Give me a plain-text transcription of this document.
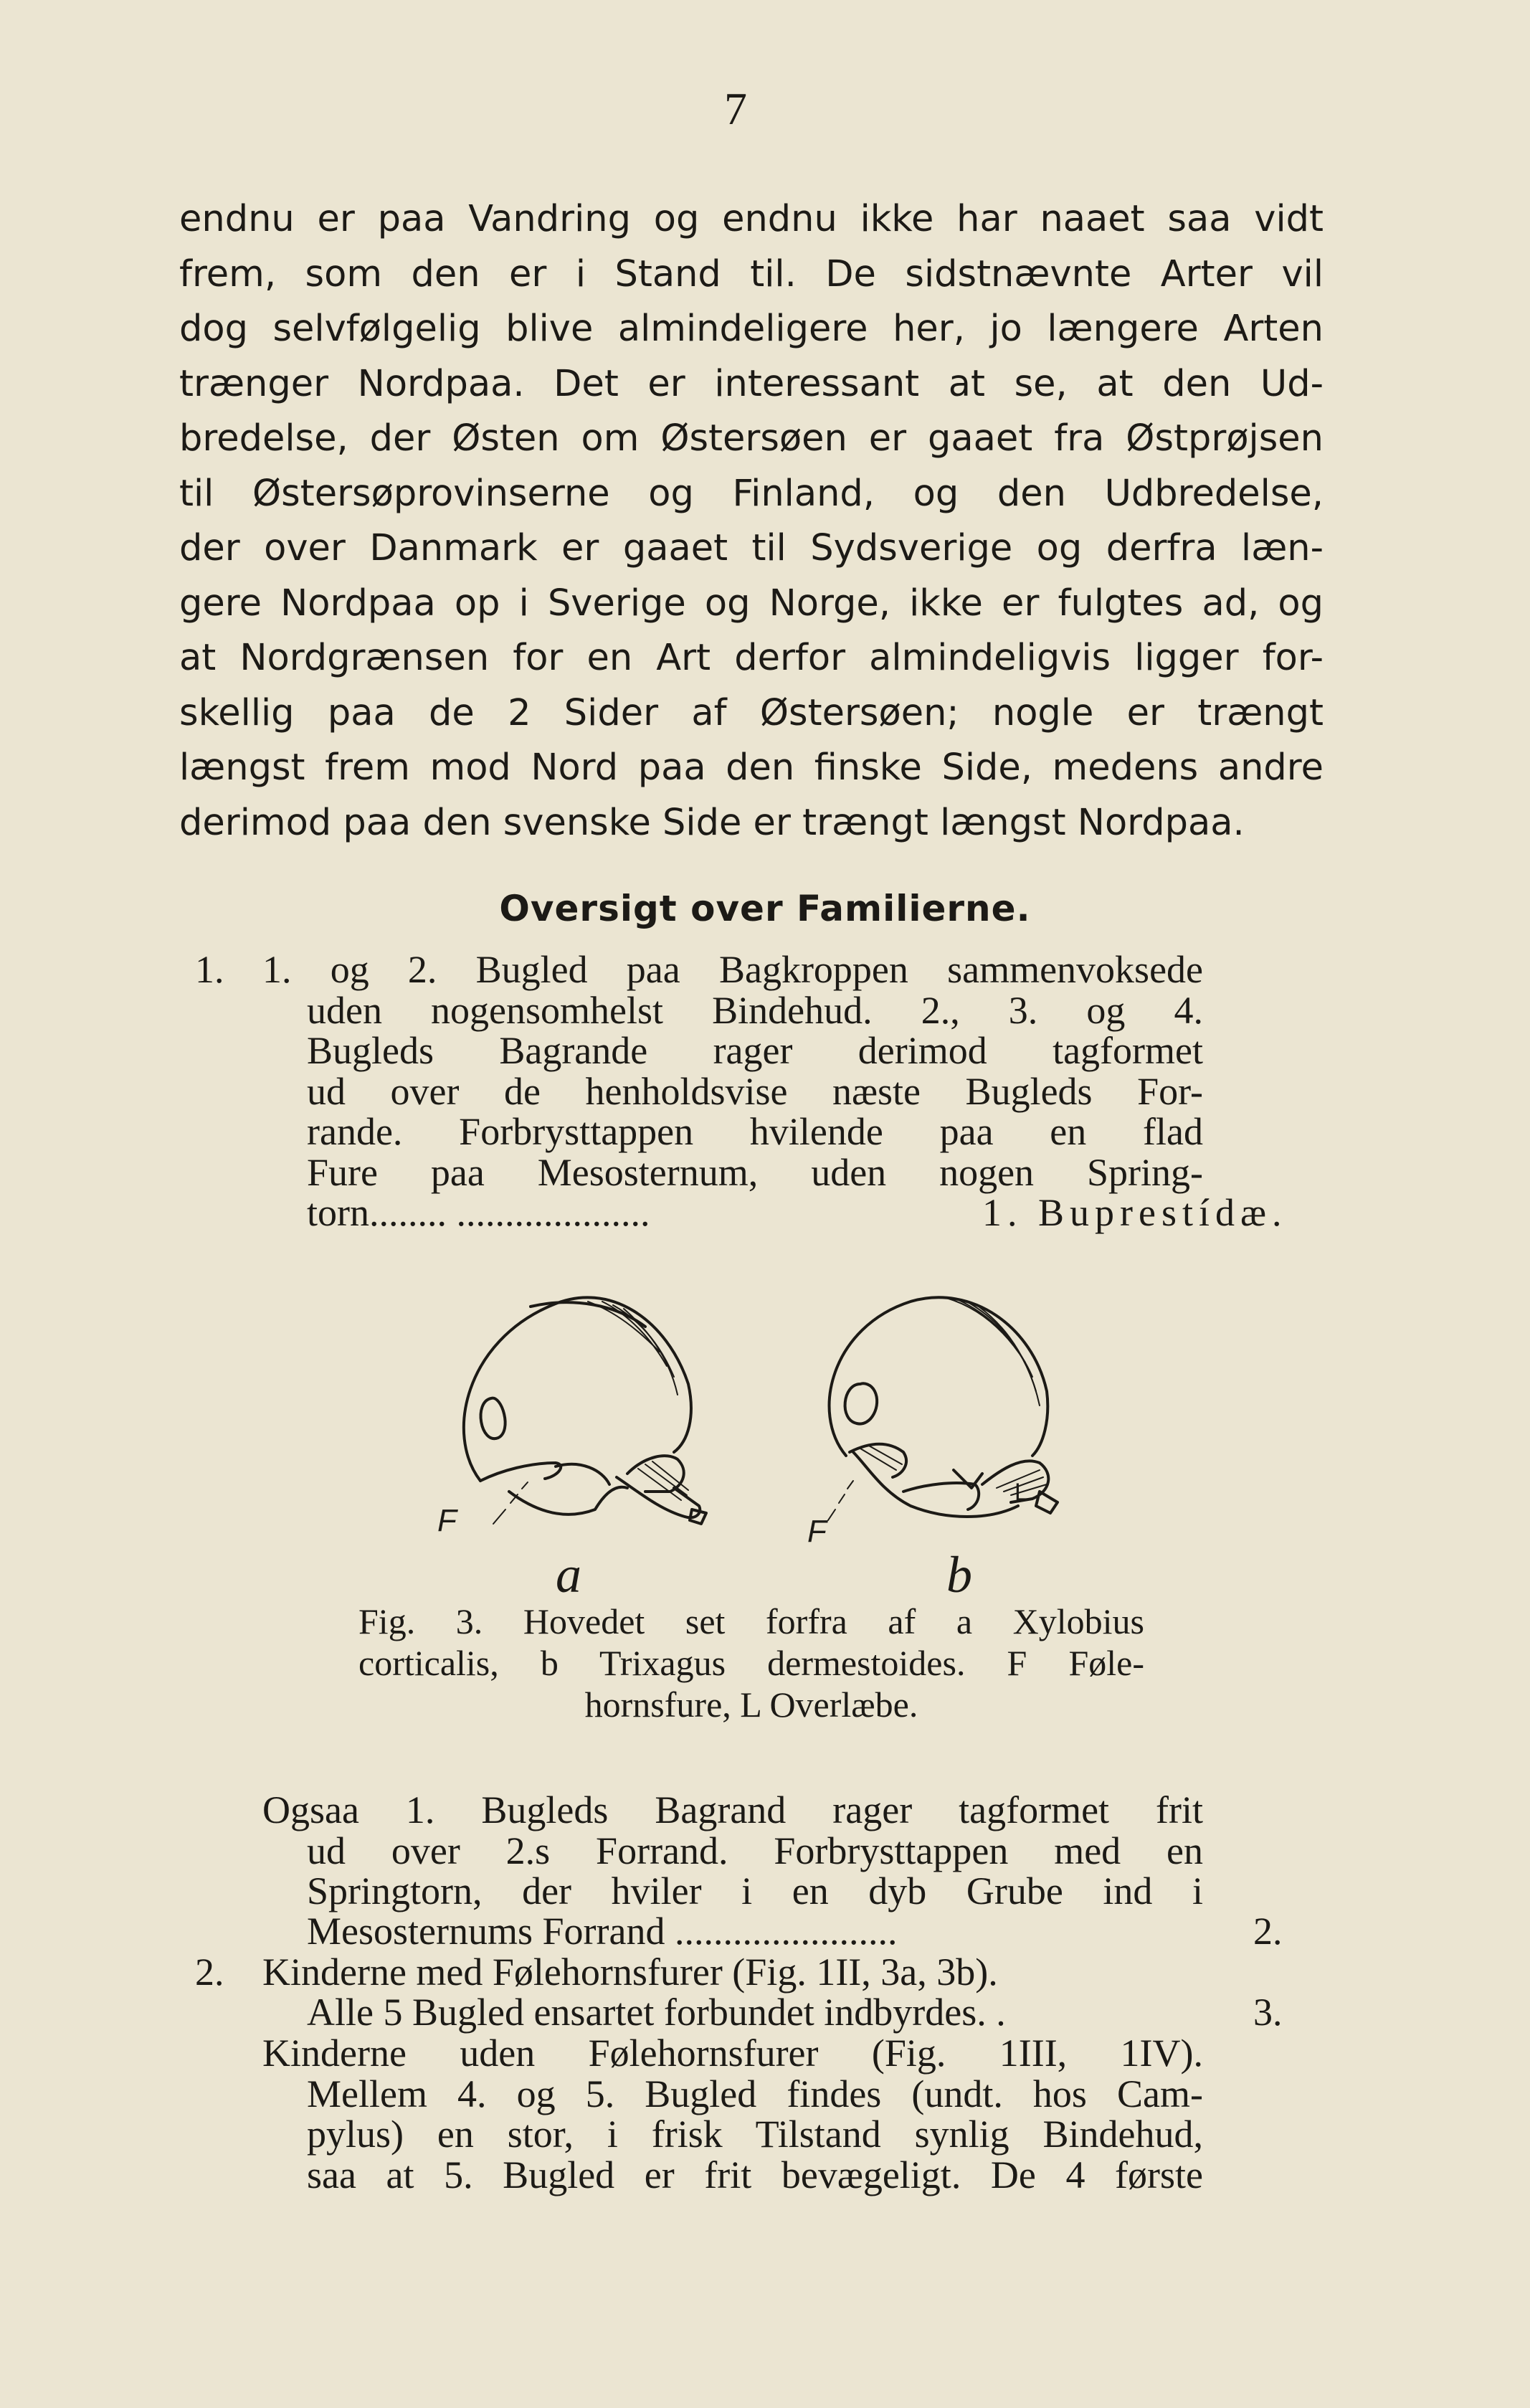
7
endnu er paa Vandring og endnu ikke har naaet saa vidt
frem, som den er i Stand til. De sidstnævnte Arter vil
dog selvfølgelig blive almindeligere her, jo længere Arten
trænger Nordpaa. Det er interessant at se, at den Ud-
bredelse, der Østen om Østersøen er gaaet fra Østprøjsen
til Østersøprovinserne og Finland, og den Udbredelse,
der over Danmark er gaaet til Sydsverige og derfra læn-
gere Nordpaa op i Sverige og Norge, ikke er fulgtes ad, og
at Nordgrænsen for en Art derfor almindeligvis ligger for-
skellig paa de 2 Sider af Østersøen; nogle er trængt
længst frem mod Nord paa den finske Side, medens andre
derimod paa den svenske Side er trængt længst Nordpaa.
Oversigt over Familierne.
1. 1. og 2. Bugled paa Bagkroppen sammenvoksede
uden nogensomhelst Bindehud. 2., 3. og 4.
Bugleds Bagrande rager derimod tagformet
ud over de henholdsvise næste Bugleds For-
rande. Forbrysttappen hvilende paa en flad
Fure paa Mesosternum, uden nogen Spring-
torn........ ....................	1. Buprestídæ.
F	F
L
a	b
Fig. 3. Hovedet set forfra af a Xylobius
corticalis, b Trixagus dermestoides. F Føle-
hornsfure, L Overlæbe.
Ogsaa 1. Bugleds Bagrand rager tagformet frit
ud over 2.s Forrand. Forbrysttappen med en
Springtorn, der hviler i en dyb Grube ind i
Mesosternums Forrand .......................	2.
2. Kinderne med Følehornsfurer (Fig. 1II, 3a, 3b).
Alle 5 Bugled ensartet forbundet indbyrdes. .	3.
Kinderne uden Følehornsfurer (Fig. 1III, 1IV).
Mellem 4. og 5. Bugled findes (undt. hos Cam-
pylus) en stor, i frisk Tilstand synlig Bindehud,
saa at 5. Bugled er frit bevægeligt. De 4 første
